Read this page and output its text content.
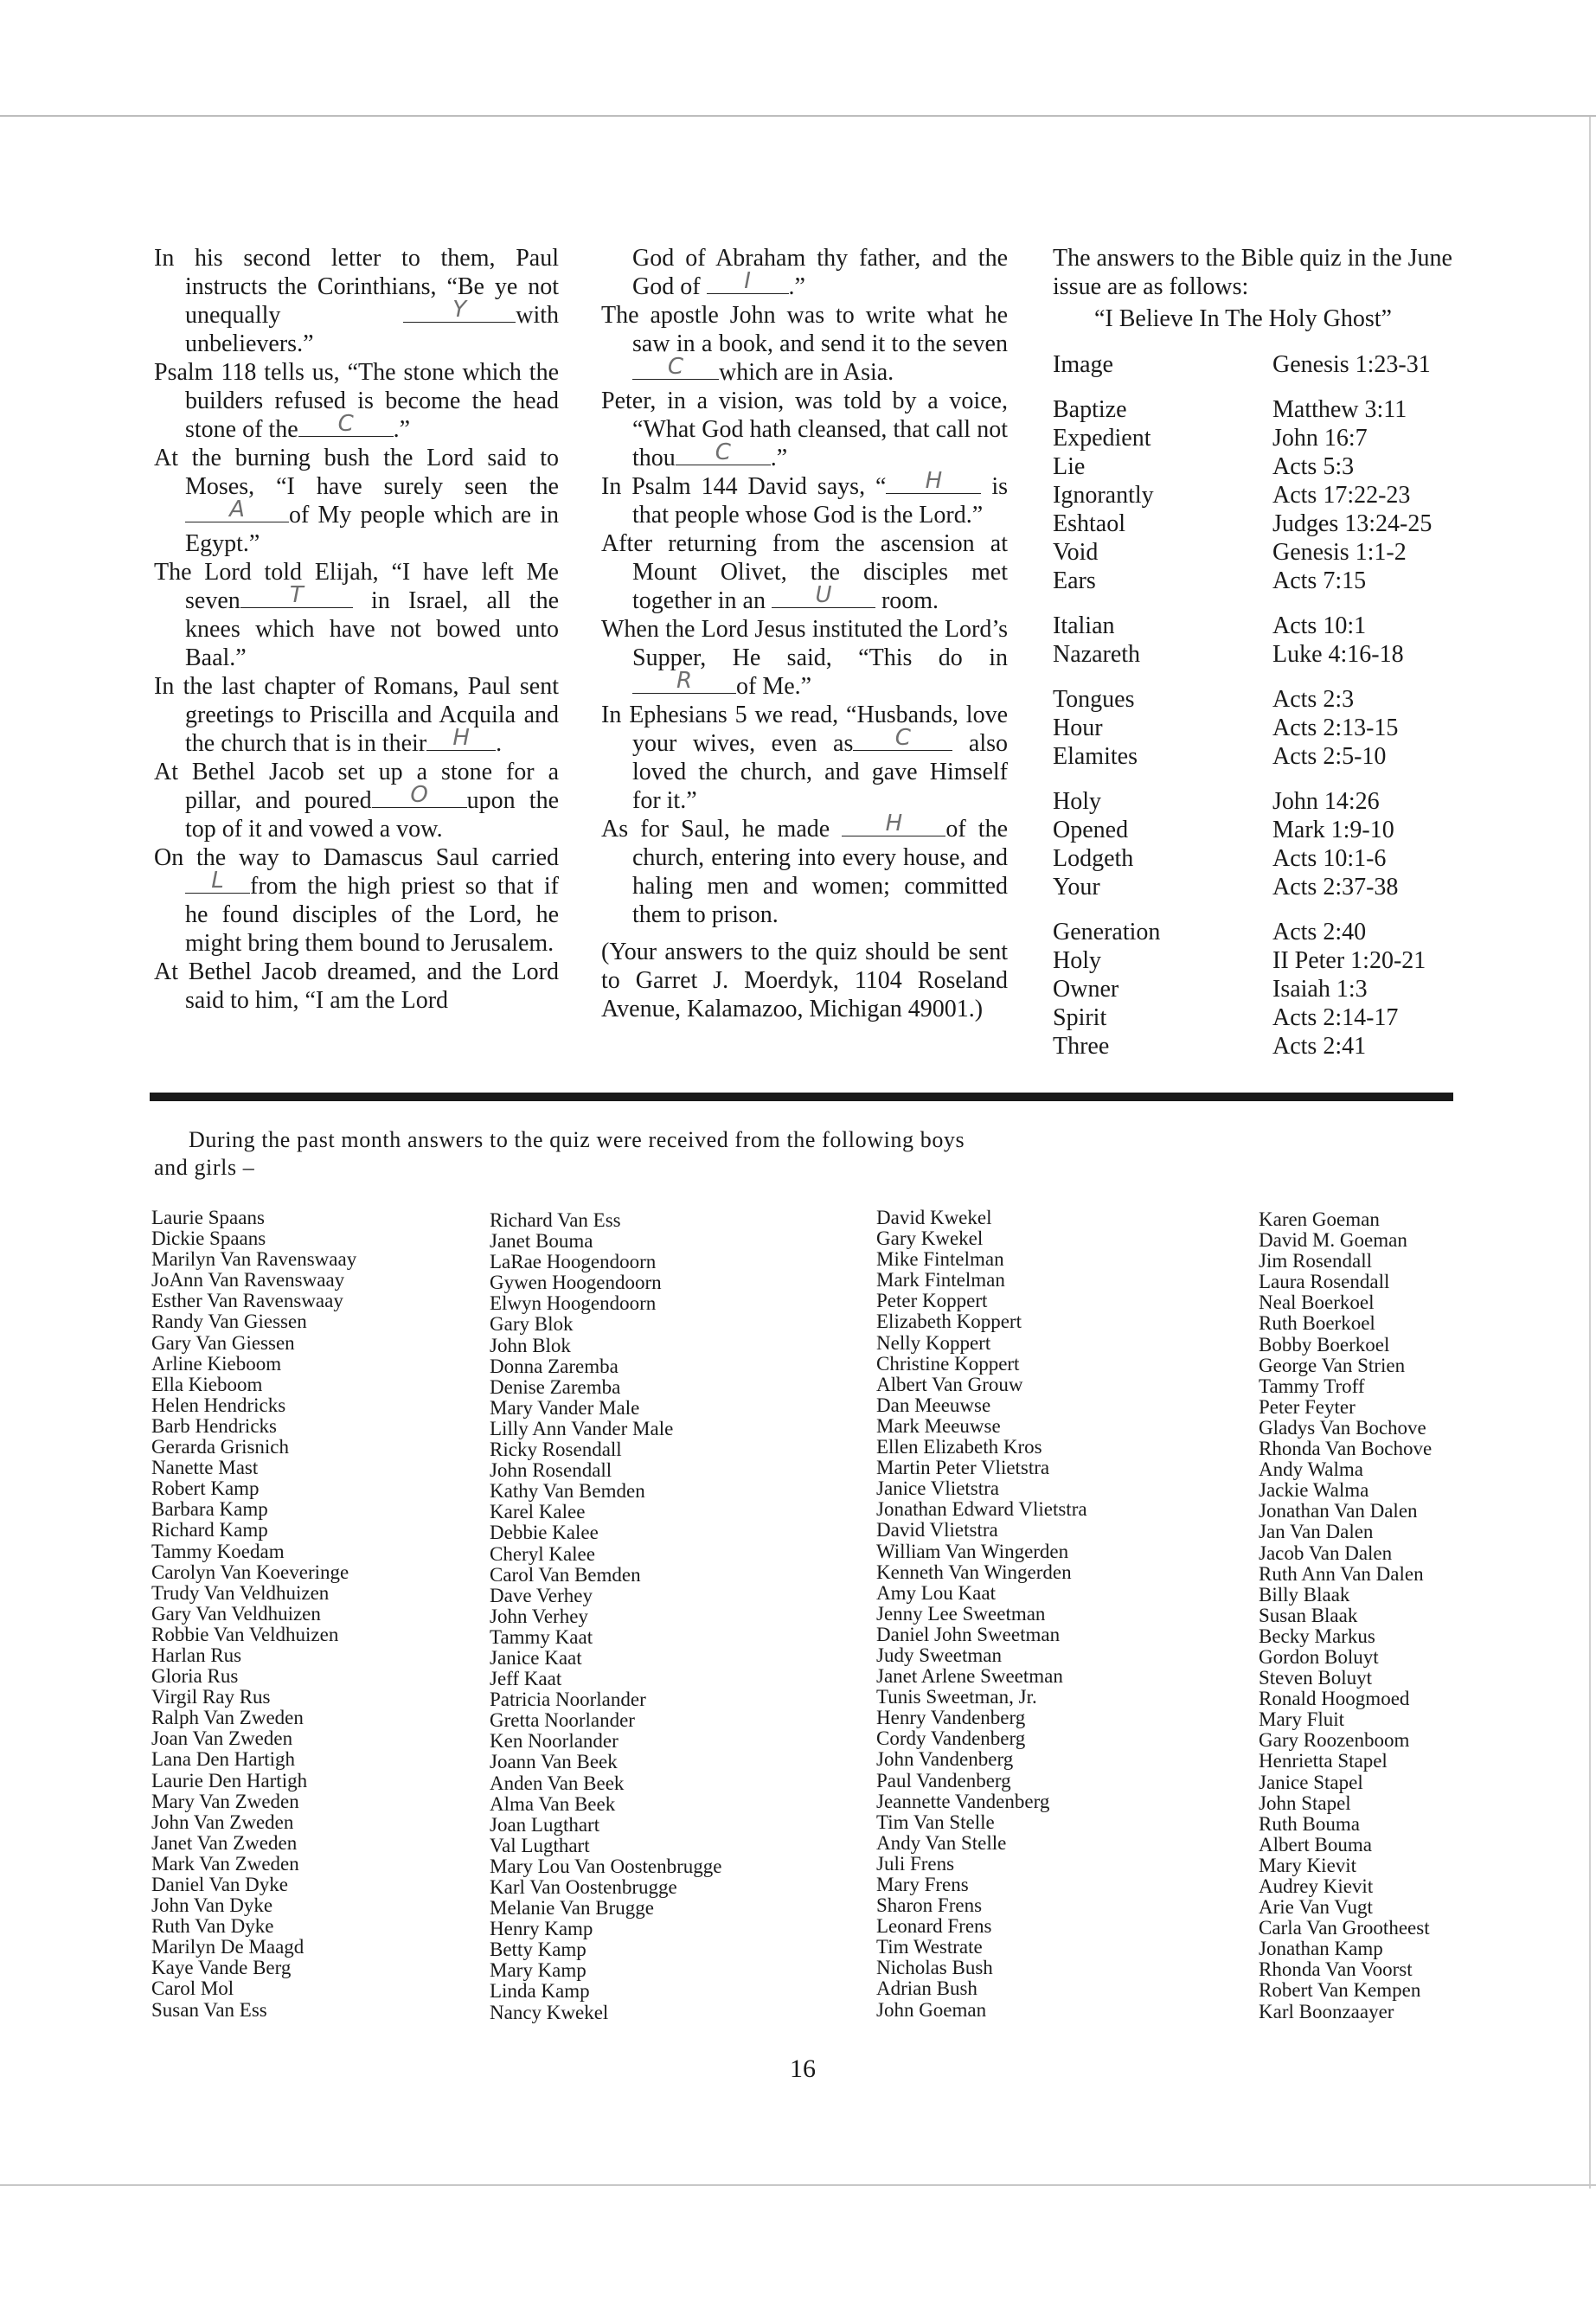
In his second letter to them, Paul instructs the Corinthians, “Be ye not unequally	Y	with unbelievers.”

Psalm 118 tells us, “The stone which the builders refused is become the head stone of the	C	.”

At the burning bush the Lord said to Moses, “I have surely seen the
A	of My people which are in Egypt.”

The Lord told Elijah, “I have left Me seven	T	in Israel, all the knees which have not bowed unto Baal.”

In the last chapter of Romans, Paul sent greetings to Priscilla and Acquila and the church that is in their	H	.

At Bethel Jacob set up a stone for a pillar, and poured	O	upon the top of it and vowed a vow.

On the way to Damascus Saul carried
L	from the high priest so that if he found disciples of the Lord, he might bring them bound to Jerusalem.

At Bethel Jacob dreamed, and the Lord said to him, “I am the Lord

God of Abraham thy father, and the God of	I	.”

The apostle John was to write what he saw in a book, and send it to the seven
C	which are in Asia.

Peter, in a vision, was told by a voice, “What God hath cleansed, that call not thou	C	.”

In Psalm 144 David says, “	H	is that people whose God is the Lord.”

After returning from the ascension at Mount Olivet, the disciples met together in an	U	room.

When the Lord Jesus instituted the Lord’s Supper, He said, “This do in
R	of Me.”

In Ephesians 5 we read, “Husbands, love your wives, even as	C	also loved the church, and gave Himself for it.”

As for Saul, he made	H	of the church, entering into every house, and haling men and women; committed them to prison.

(Your answers to the quiz should be sent to Garret J. Moerdyk, 1104 Roseland Avenue, Kalamazoo, Michigan 49001.)

The answers to the Bible quiz in the June issue are as follows:

“I Believe In The Holy Ghost”

Image	Genesis 1:23-31
Baptize	Matthew 3:11
Expedient	John 16:7
Lie	Acts 5:3
Ignorantly	Acts 17:22-23
Eshtaol	Judges 13:24-25
Void	Genesis 1:1-2
Ears	Acts 7:15
Italian	Acts 10:1
Nazareth	Luke 4:16-18
Tongues	Acts 2:3
Hour	Acts 2:13-15
Elamites	Acts 2:5-10
Holy	John 14:26
Opened	Mark 1:9-10
Lodgeth	Acts 10:1-6
Your	Acts 2:37-38
Generation	Acts 2:40
Holy	II Peter 1:20-21
Owner	Isaiah 1:3
Spirit	Acts 2:14-17
Three	Acts 2:41
During the past month answers to the quiz were received from the following boys
and girls –
Laurie Spaans
Dickie Spaans
Marilyn Van Ravenswaay
JoAnn Van Ravenswaay
Esther Van Ravenswaay
Randy Van Giessen
Gary Van Giessen
Arline Kieboom
Ella Kieboom
Helen Hendricks
Barb Hendricks
Gerarda Grisnich
Nanette Mast
Robert Kamp
Barbara Kamp
Richard Kamp
Tammy Koedam
Carolyn Van Koeveringe
Trudy Van Veldhuizen
Gary Van Veldhuizen
Robbie Van Veldhuizen
Harlan Rus
Gloria Rus
Virgil Ray Rus
Ralph Van Zweden
Joan Van Zweden
Lana Den Hartigh
Laurie Den Hartigh
Mary Van Zweden
John Van Zweden
Janet Van Zweden
Mark Van Zweden
Daniel Van Dyke
John Van Dyke
Ruth Van Dyke
Marilyn De Maagd
Kaye Vande Berg
Carol Mol
Susan Van Ess
Richard Van Ess
Janet Bouma
LaRae Hoogendoorn
Gywen Hoogendoorn
Elwyn Hoogendoorn
Gary Blok
John Blok
Donna Zaremba
Denise Zaremba
Mary Vander Male
Lilly Ann Vander Male
Ricky Rosendall
John Rosendall
Kathy Van Bemden
Karel Kalee
Debbie Kalee
Cheryl Kalee
Carol Van Bemden
Dave Verhey
John Verhey
Tammy Kaat
Janice Kaat
Jeff Kaat
Patricia Noorlander
Gretta Noorlander
Ken Noorlander
Joann Van Beek
Anden Van Beek
Alma Van Beek
Joan Lugthart
Val Lugthart
Mary Lou Van Oostenbrugge
Karl Van Oostenbrugge
Melanie Van Brugge
Henry Kamp
Betty Kamp
Mary Kamp
Linda Kamp
Nancy Kwekel
David Kwekel
Gary Kwekel
Mike Fintelman
Mark Fintelman
Peter Koppert
Elizabeth Koppert
Nelly Koppert
Christine Koppert
Albert Van Grouw
Dan Meeuwse
Mark Meeuwse
Ellen Elizabeth Kros
Martin Peter Vlietstra
Janice Vlietstra
Jonathan Edward Vlietstra
David Vlietstra
William Van Wingerden
Kenneth Van Wingerden
Amy Lou Kaat
Jenny Lee Sweetman
Daniel John Sweetman
Judy Sweetman
Janet Arlene Sweetman
Tunis Sweetman, Jr.
Henry Vandenberg
Cordy Vandenberg
John Vandenberg
Paul Vandenberg
Jeannette Vandenberg
Tim Van Stelle
Andy Van Stelle
Juli Frens
Mary Frens
Sharon Frens
Leonard Frens
Tim Westrate
Nicholas Bush
Adrian Bush
John Goeman
Karen Goeman
David M. Goeman
Jim Rosendall
Laura Rosendall
Neal Boerkoel
Ruth Boerkoel
Bobby Boerkoel
George Van Strien
Tammy Troff
Peter Feyter
Gladys Van Bochove
Rhonda Van Bochove
Andy Walma
Jackie Walma
Jonathan Van Dalen
Jan Van Dalen
Jacob Van Dalen
Ruth Ann Van Dalen
Billy Blaak
Susan Blaak
Becky Markus
Gordon Boluyt
Steven Boluyt
Ronald Hoogmoed
Mary Fluit
Gary Roozenboom
Henrietta Stapel
Janice Stapel
John Stapel
Ruth Bouma
Albert Bouma
Mary Kievit
Audrey Kievit
Arie Van Vugt
Carla Van Grootheest
Jonathan Kamp
Rhonda Van Voorst
Robert Van Kempen
Karl Boonzaayer
16
